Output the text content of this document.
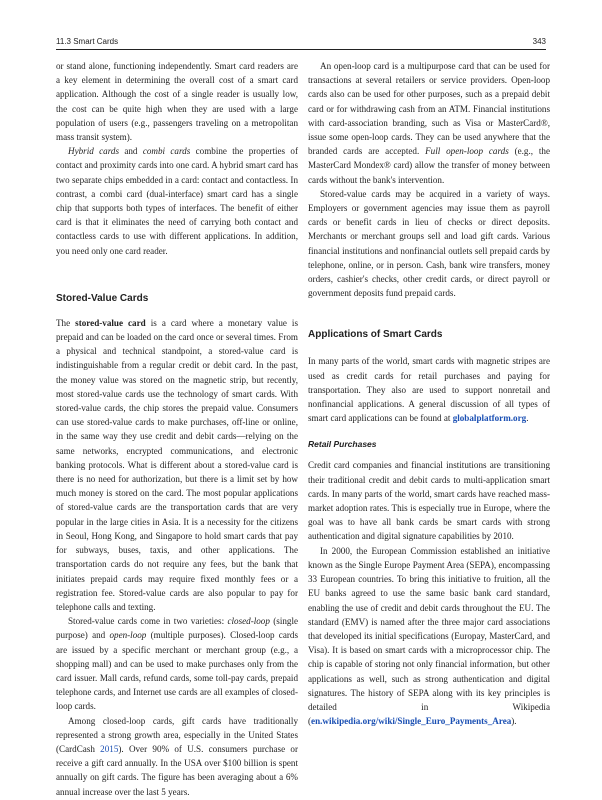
11.3 Smart Cards	343

or stand alone, functioning independently. Smart card readers are a key element in determining the overall cost of a smart card application. Although the cost of a single reader is usually low, the cost can be quite high when they are used with a large population of users (e.g., passengers traveling on a metropolitan mass transit system).

Hybrid cards and combi cards combine the properties of contact and proximity cards into one card. A hybrid smart card has two separate chips embedded in a card: contact and contactless. In contrast, a combi card (dual-interface) smart card has a single chip that supports both types of interfaces. The benefit of either card is that it eliminates the need of carrying both contact and contactless cards to use with different applications. In addition, you need only one card reader.

Stored-Value Cards

The stored-value card is a card where a monetary value is prepaid and can be loaded on the card once or several times. From a physical and technical standpoint, a stored-value card is indistinguishable from a regular credit or debit card. In the past, the money value was stored on the magnetic strip, but recently, most stored-value cards use the technology of smart cards. With stored-value cards, the chip stores the prepaid value. Consumers can use stored-value cards to make purchases, off-line or online, in the same way they use credit and debit cards—relying on the same networks, encrypted communications, and electronic banking protocols. What is different about a stored-value card is there is no need for authorization, but there is a limit set by how much money is stored on the card. The most popular applications of stored-value cards are the transportation cards that are very popular in the large cities in Asia. It is a necessity for the citizens in Seoul, Hong Kong, and Singapore to hold smart cards that pay for subways, buses, taxis, and other applications. The transportation cards do not require any fees, but the bank that initiates prepaid cards may require fixed monthly fees or a registration fee. Stored-value cards are also popular to pay for telephone calls and texting.

Stored-value cards come in two varieties: closed-loop (single purpose) and open-loop (multiple purposes). Closed-loop cards are issued by a specific merchant or merchant group (e.g., a shopping mall) and can be used to make purchases only from the card issuer. Mall cards, refund cards, some toll-pay cards, prepaid telephone cards, and Internet use cards are all examples of closed-loop cards.

Among closed-loop cards, gift cards have traditionally represented a strong growth area, especially in the United States (CardCash 2015). Over 90% of U.S. consumers purchase or receive a gift card annually. In the USA over $100 billion is spent annually on gift cards. The figure has been averaging about a 6% annual increase over the last 5 years.

An open-loop card is a multipurpose card that can be used for transactions at several retailers or service providers. Open-loop cards also can be used for other purposes, such as a prepaid debit card or for withdrawing cash from an ATM. Financial institutions with card-association branding, such as Visa or MasterCard®, issue some open-loop cards. They can be used anywhere that the branded cards are accepted. Full open-loop cards (e.g., the MasterCard Mondex® card) allow the transfer of money between cards without the bank's intervention.

Stored-value cards may be acquired in a variety of ways. Employers or government agencies may issue them as payroll cards or benefit cards in lieu of checks or direct deposits. Merchants or merchant groups sell and load gift cards. Various financial institutions and nonfinancial outlets sell prepaid cards by telephone, online, or in person. Cash, bank wire transfers, money orders, cashier's checks, other credit cards, or direct payroll or government deposits fund prepaid cards.

Applications of Smart Cards

In many parts of the world, smart cards with magnetic stripes are used as credit cards for retail purchases and paying for transportation. They also are used to support nonretail and nonfinancial applications. A general discussion of all types of smart card applications can be found at globalplatform.org.

Retail Purchases

Credit card companies and financial institutions are transitioning their traditional credit and debit cards to multi-application smart cards. In many parts of the world, smart cards have reached mass-market adoption rates. This is especially true in Europe, where the goal was to have all bank cards be smart cards with strong authentication and digital signature capabilities by 2010.

In 2000, the European Commission established an initiative known as the Single Europe Payment Area (SEPA), encompassing 33 European countries. To bring this initiative to fruition, all the EU banks agreed to use the same basic bank card standard, enabling the use of credit and debit cards throughout the EU. The standard (EMV) is named after the three major card associations that developed its initial specifications (Europay, MasterCard, and Visa). It is based on smart cards with a microprocessor chip. The chip is capable of storing not only financial information, but other applications as well, such as strong authentication and digital signatures. The history of SEPA along with its key principles is detailed in Wikipedia (en.wikipedia.org/wiki/Single_Euro_Payments_Area).
